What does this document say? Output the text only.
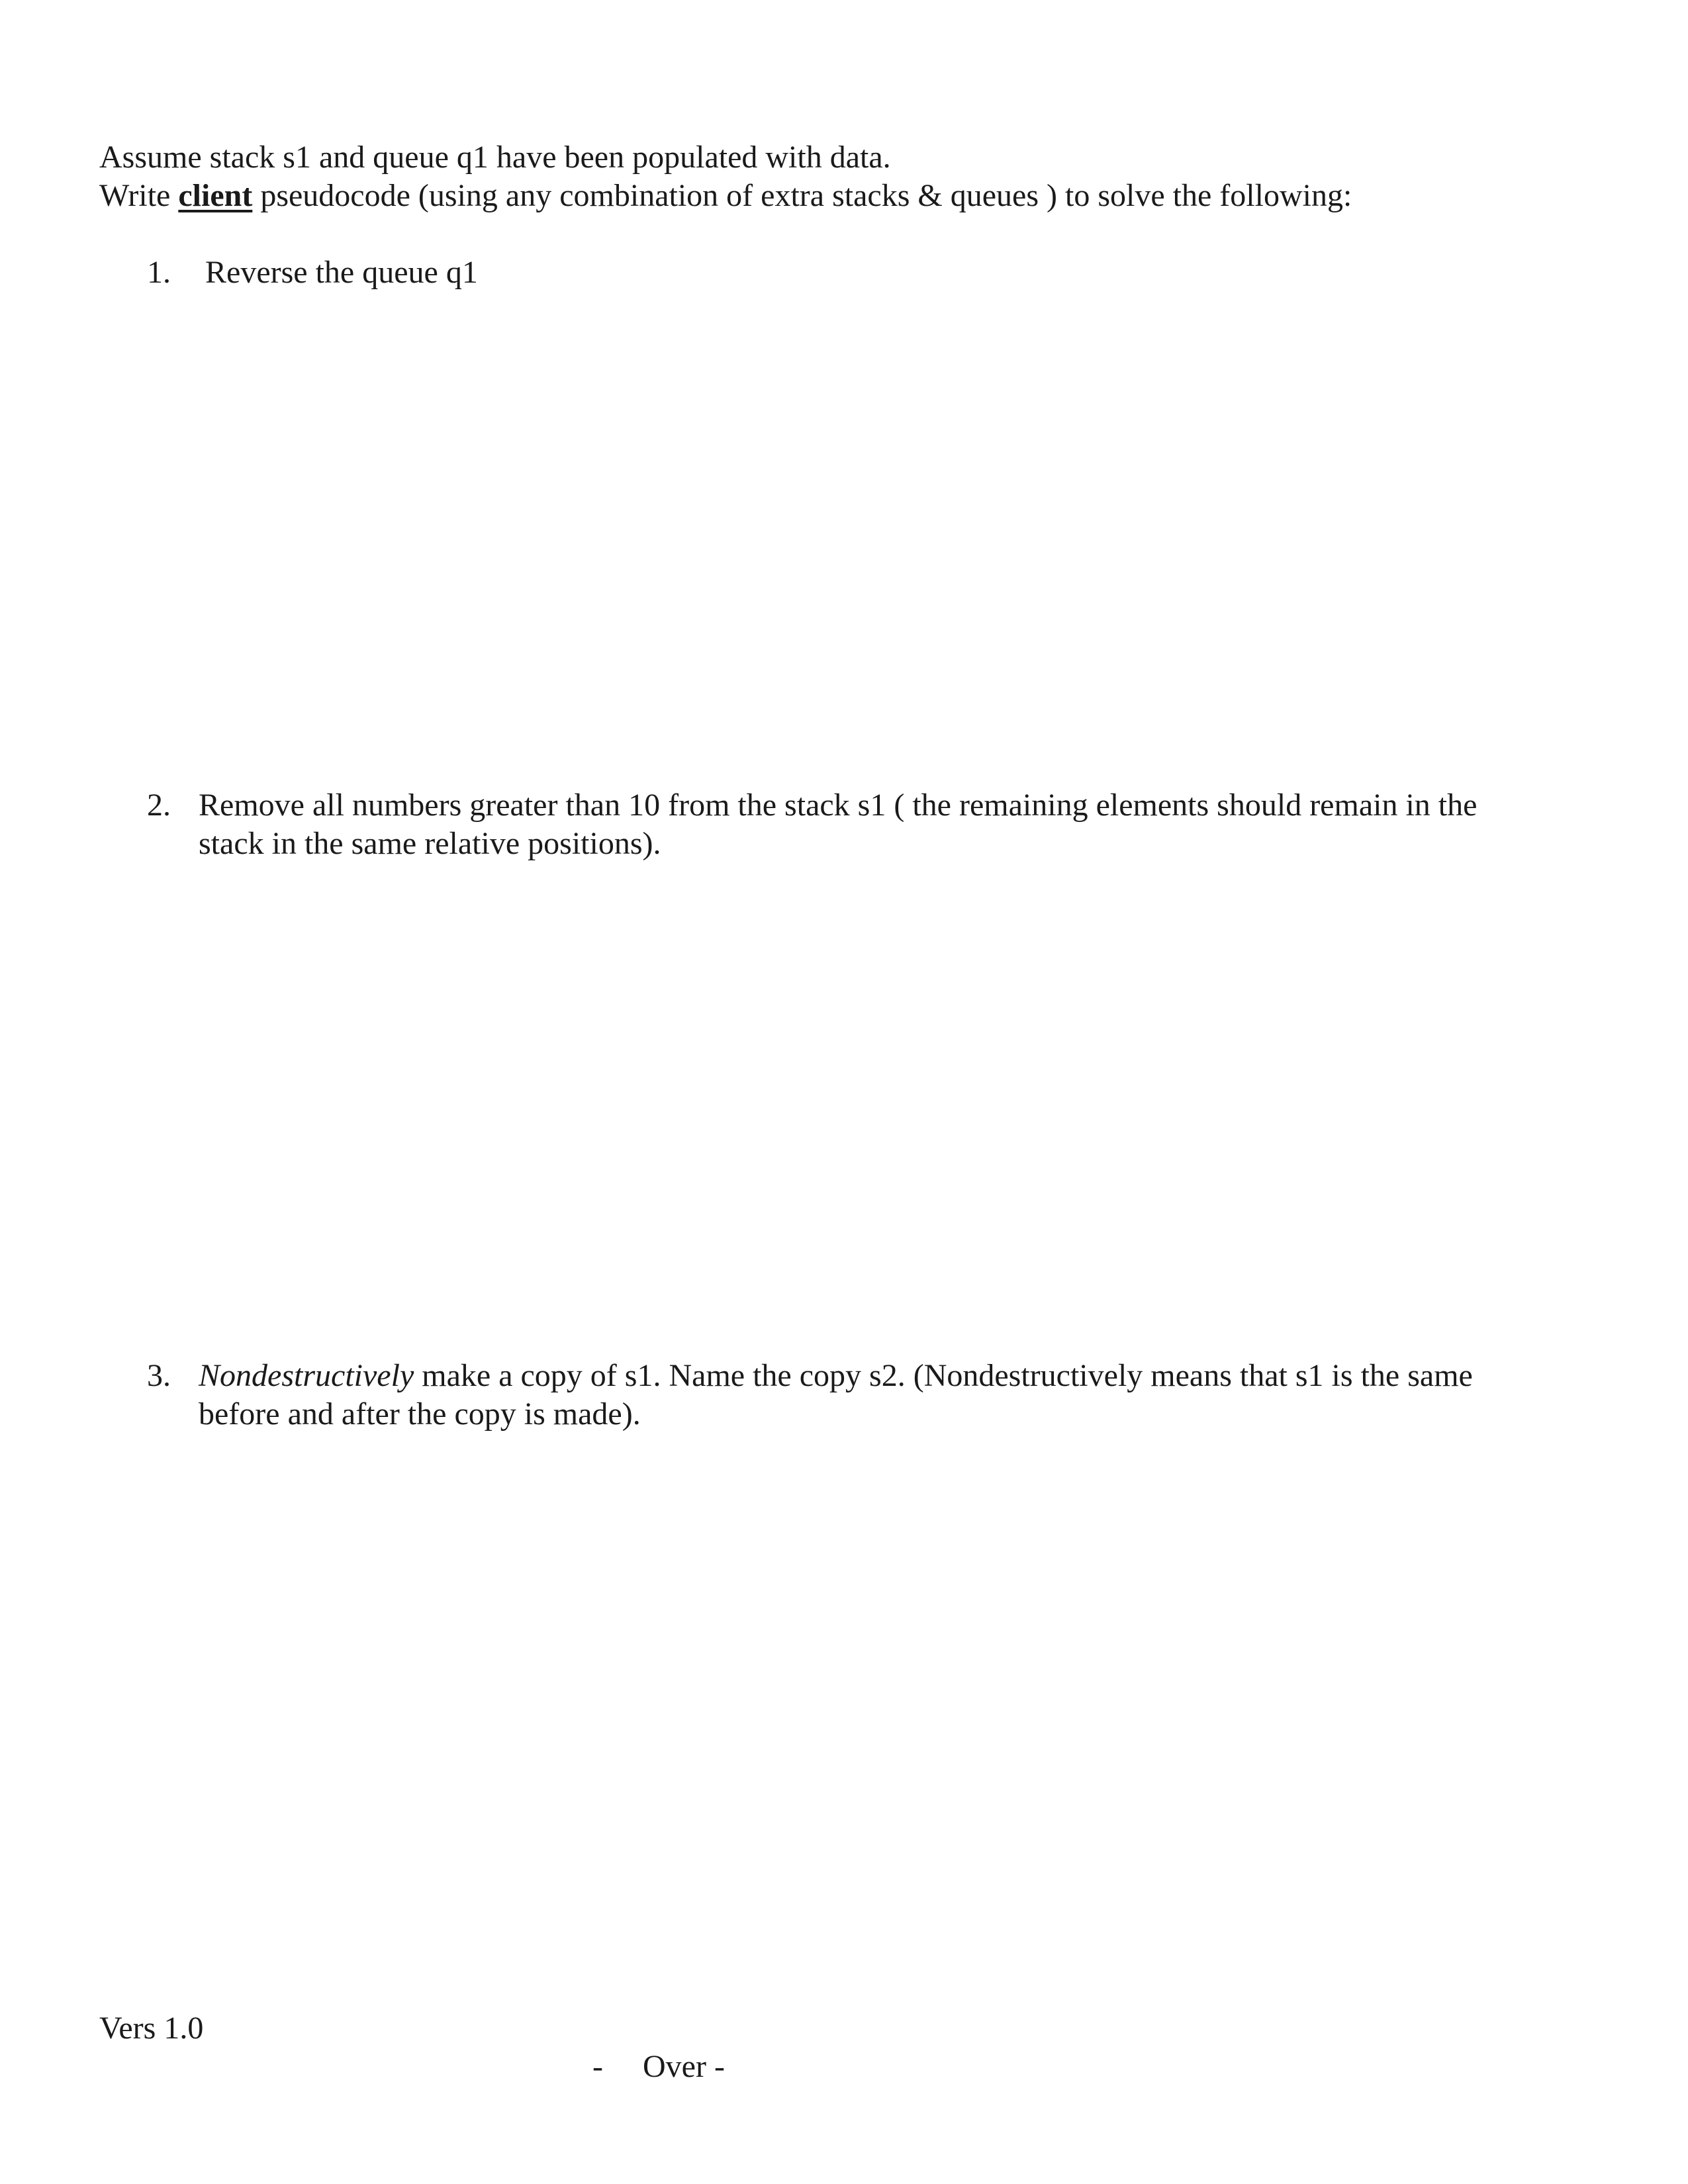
Assume stack s1 and queue q1 have been populated with data.
Write client pseudocode (using any combination of extra stacks & queues ) to solve the following:
1. Reverse the queue q1
2. Remove all numbers greater than 10 from the stack s1 ( the remaining elements should remain in the
stack in the same relative positions).
3. Nondestructively make a copy of s1. Name the copy s2. (Nondestructively means that s1 is the same
before and after the copy is made).
Vers 1.0
-     Over -
